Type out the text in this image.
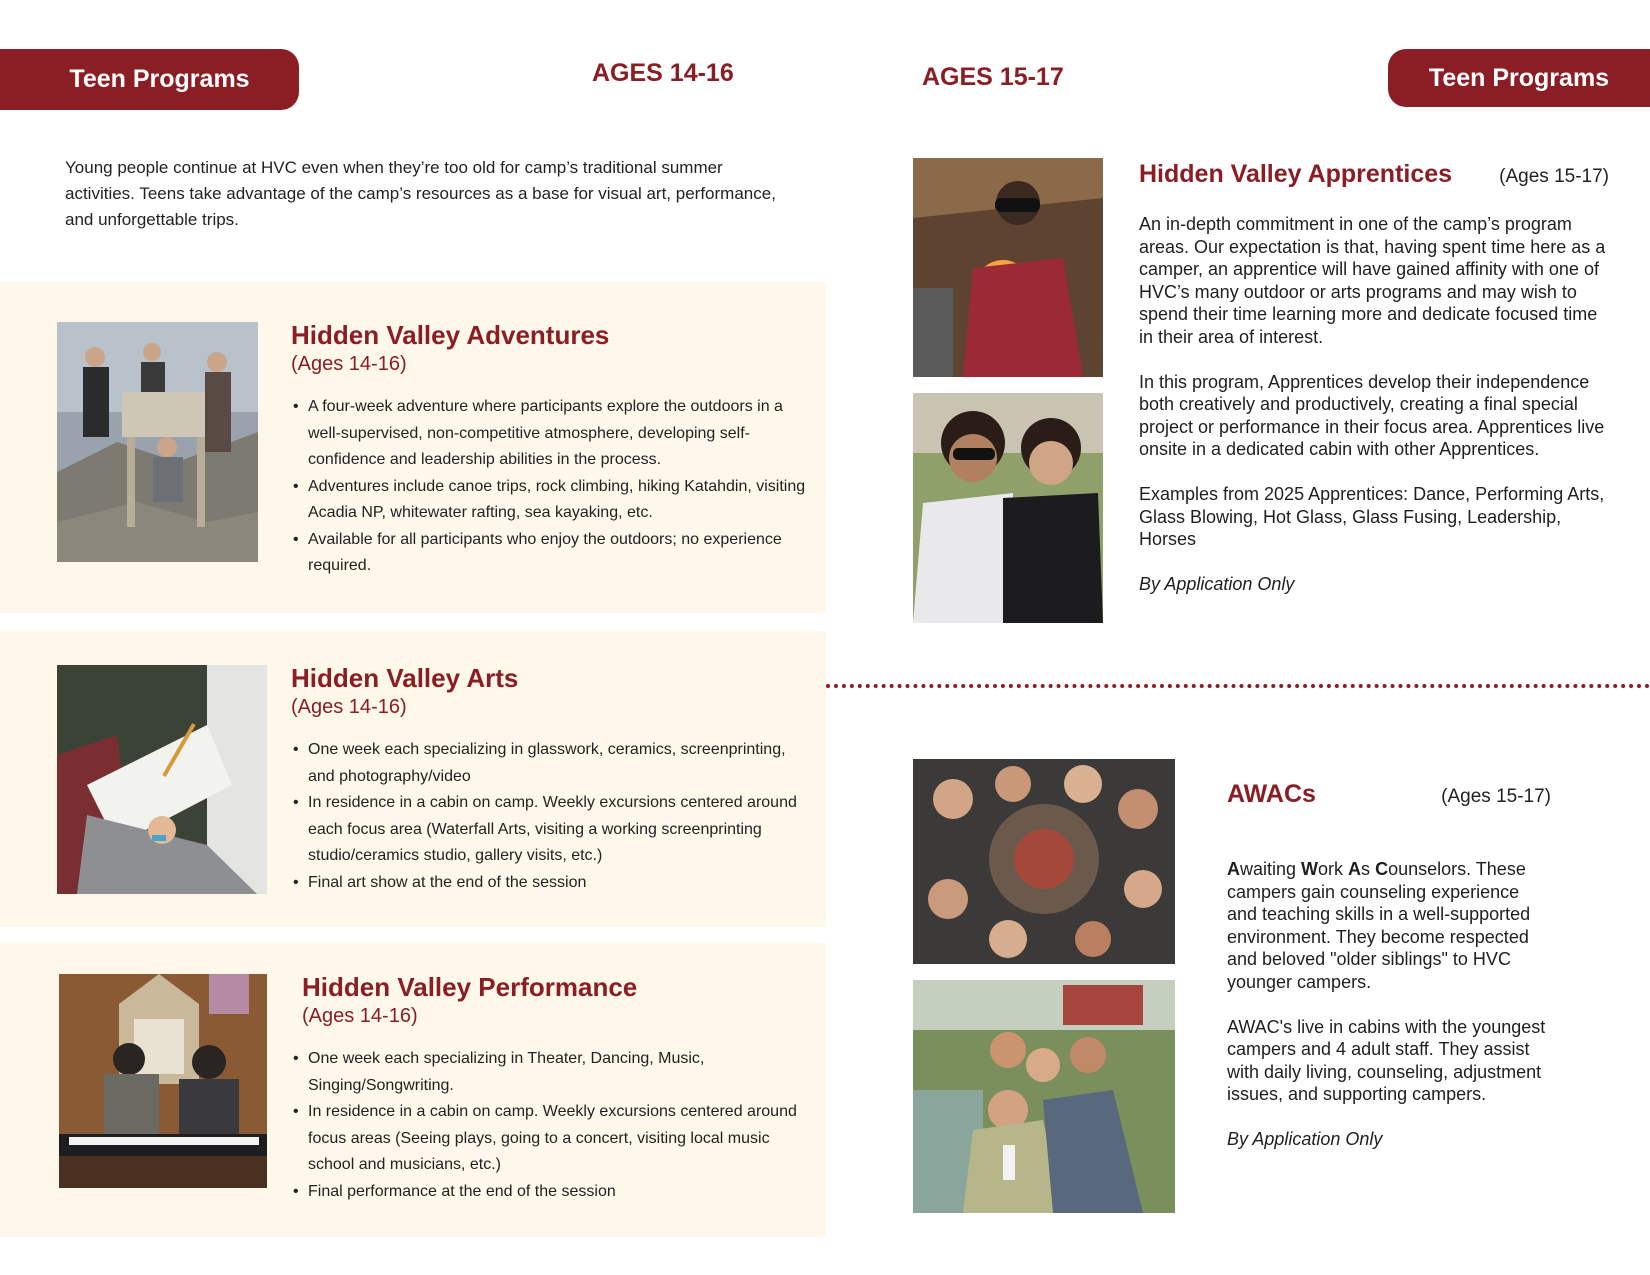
Teen Programs	AGES 14-16

Young people continue at HVC even when they’re too old for camp’s traditional summer activities. Teens take advantage of the camp’s resources as a base for visual art, performance, and unforgettable trips.

Hidden Valley Adventures
(Ages 14-16)
• A four-week adventure where participants explore the outdoors in a well-supervised, non-competitive atmosphere, developing self-confidence and leadership abilities in the process.
• Adventures include canoe trips, rock climbing, hiking Katahdin, visiting Acadia NP, whitewater rafting, sea kayaking, etc.
• Available for all participants who enjoy the outdoors; no experience required.
Hidden Valley Arts
(Ages 14-16)
• One week each specializing in glasswork, ceramics, screenprinting, and photography/video
• In residence in a cabin on camp. Weekly excursions centered around each focus area (Waterfall Arts, visiting a working screenprinting studio/ceramics studio, gallery visits, etc.)
• Final art show at the end of the session
Hidden Valley Performance
(Ages 14-16)
• One week each specializing in Theater, Dancing, Music, Singing/Songwriting.
• In residence in a cabin on camp. Weekly excursions centered around focus areas (Seeing plays, going to a concert, visiting local music school and musicians, etc.)
• Final performance at the end of the session
AGES 15-17	Teen Programs
Hidden Valley Apprentices (Ages 15-17)

An in-depth commitment in one of the camp’s program areas. Our expectation is that, having spent time here as a camper, an apprentice will have gained affinity with one of HVC’s many outdoor or arts programs and may wish to spend their time learning more and dedicate focused time in their area of interest.

In this program, Apprentices develop their independence both creatively and productively, creating a final special project or performance in their focus area. Apprentices live onsite in a dedicated cabin with other Apprentices.

Examples from 2025 Apprentices: Dance, Performing Arts, Glass Blowing, Hot Glass, Glass Fusing, Leadership, Horses

By Application Only

AWACs	(Ages 15-17)

Awaiting Work As Counselors. These campers gain counseling experience and teaching skills in a well-supported environment. They become respected and beloved "older siblings" to HVC younger campers.

AWAC's live in cabins with the youngest campers and 4 adult staff. They assist with daily living, counseling, adjustment issues, and supporting campers.

By Application Only
